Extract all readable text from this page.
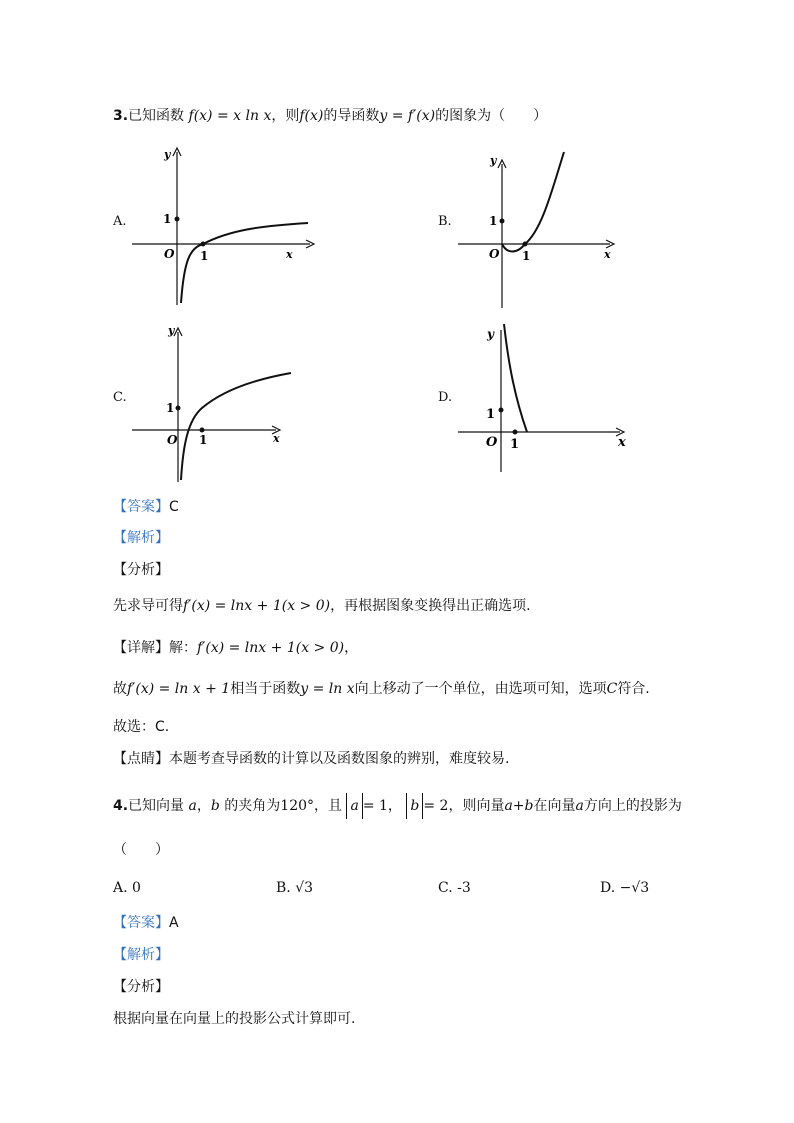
3.已知函数 f(x) = x ln x，则f(x)的导函数y = f′(x)的图象为（　　）
A.	B.
C.	D.
y
1
O 1	x
y
1
O 1	x
y
1
O 1	x
y
1
O 1	x
【答案】C
【解析】
【分析】
先求导可得f′(x) = lnx + 1(x > 0)，再根据图象变换得出正确选项.
【详解】解：f′(x) = lnx + 1(x > 0)，
故f′(x) = ln x + 1相当于函数y = ln x向上移动了一个单位，由选项可知，选项C符合.
故选：C.
【点睛】本题考查导函数的计算以及函数图象的辨别，难度较易.
4.已知向量 a，b 的夹角为120°，且 a = 1， b = 2，则向量a+b在向量a方向上的投影为
（　　）
A. 0	B. √3	C. -3	D. −√3
【答案】A
【解析】
【分析】
根据向量在向量上的投影公式计算即可.
